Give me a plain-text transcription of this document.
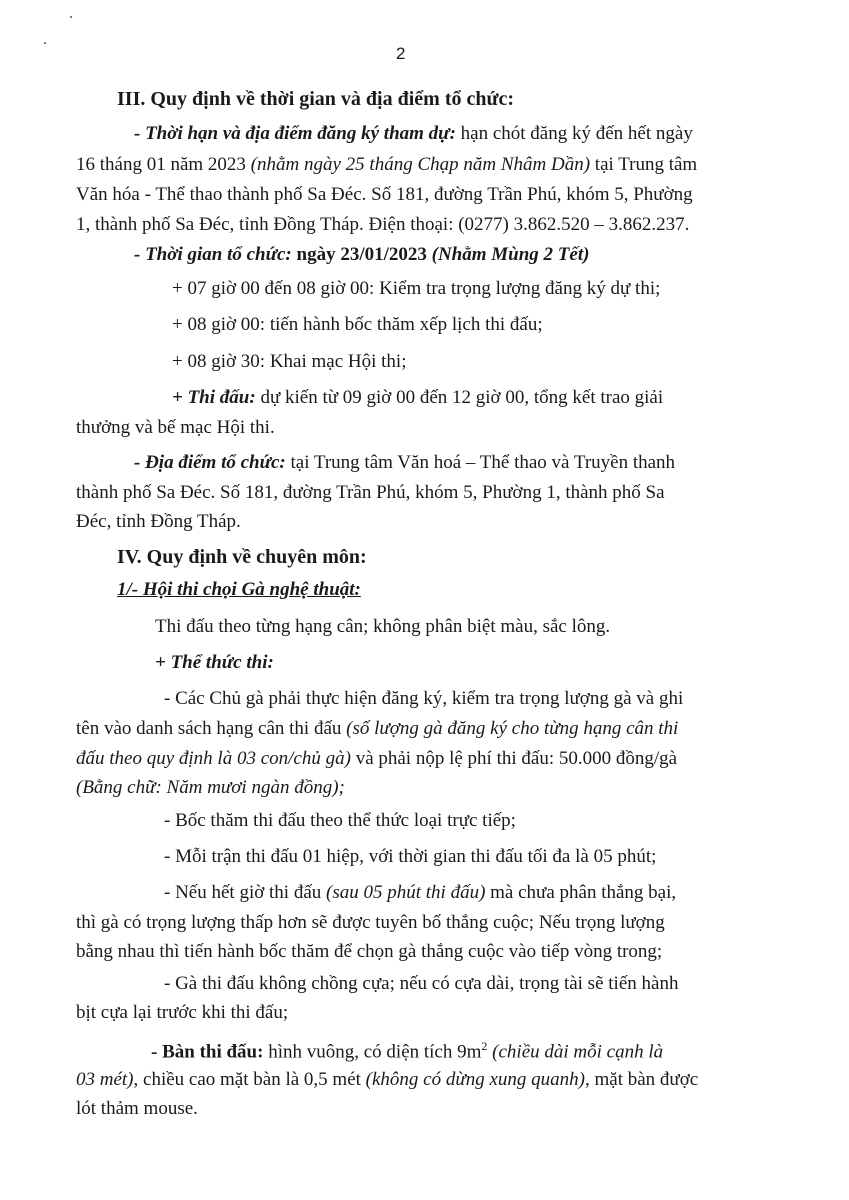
2
III. Quy định về thời gian và địa điểm tổ chức:
- Thời hạn và địa điểm đăng ký tham dự: hạn chót đăng ký đến hết ngày
16 tháng 01 năm 2023 (nhằm ngày 25 tháng Chạp năm Nhâm Dần) tại Trung tâm
Văn hóa - Thể thao thành phố Sa Đéc. Số 181, đường Trần Phú, khóm 5, Phường
1, thành phố Sa Đéc, tỉnh Đồng Tháp. Điện thoại: (0277) 3.862.520 – 3.862.237.
- Thời gian tổ chức: ngày 23/01/2023 (Nhằm Mùng 2 Tết)
+ 07 giờ 00 đến 08 giờ 00: Kiểm tra trọng lượng đăng ký dự thi;
+ 08 giờ 00: tiến hành bốc thăm xếp lịch thi đấu;
+ 08 giờ 30: Khai mạc Hội thi;
+ Thi đấu: dự kiến từ 09 giờ 00 đến 12 giờ 00, tổng kết trao giải
thưởng và bế mạc Hội thi.
- Địa điểm tổ chức: tại Trung tâm Văn hoá – Thể thao và Truyền thanh
thành phố Sa Đéc. Số 181, đường Trần Phú, khóm 5, Phường 1, thành phố Sa
Đéc, tỉnh Đồng Tháp.
IV. Quy định về chuyên môn:
1/- Hội thi chọi Gà nghệ thuật:
Thi đấu theo từng hạng cân; không phân biệt màu, sắc lông.
+ Thể thức thi:
- Các Chủ gà phải thực hiện đăng ký, kiểm tra trọng lượng gà và ghi
tên vào danh sách hạng cân thi đấu (số lượng gà đăng ký cho từng hạng cân thi
đấu theo quy định là 03 con/chủ gà) và phải nộp lệ phí thi đấu: 50.000 đồng/gà
(Bằng chữ: Năm mươi ngàn đồng);
- Bốc thăm thi đấu theo thể thức loại trực tiếp;
- Mỗi trận thi đấu 01 hiệp, với thời gian thi đấu tối đa là 05 phút;
- Nếu hết giờ thi đấu (sau 05 phút thi đấu) mà chưa phân thắng bại,
thì gà có trọng lượng thấp hơn sẽ được tuyên bố thắng cuộc; Nếu trọng lượng
bằng nhau thì tiến hành bốc thăm để chọn gà thắng cuộc vào tiếp vòng trong;
- Gà thi đấu không chồng cựa; nếu có cựa dài, trọng tài sẽ tiến hành
bịt cựa lại trước khi thi đấu;
- Bàn thi đấu: hình vuông, có diện tích $9m^2$ (chiều dài mỗi cạnh là
03 mét), chiều cao mặt bàn là 0,5 mét (không có dừng xung quanh), mặt bàn được
lót thảm mouse.
